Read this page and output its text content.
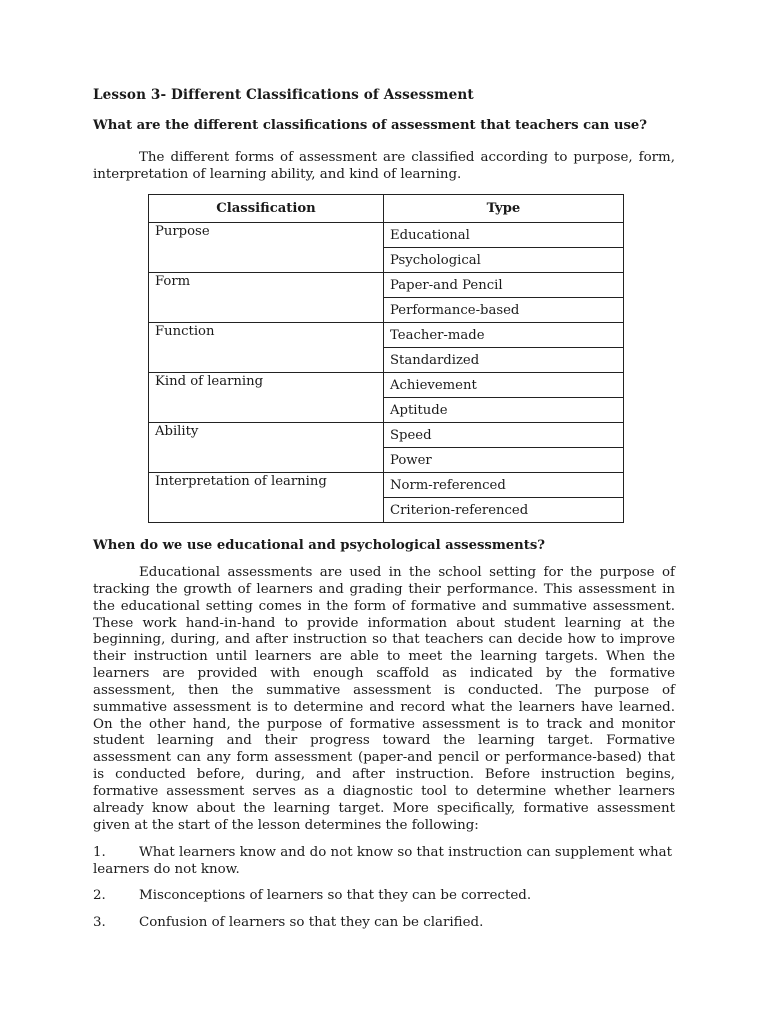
Lesson 3- Different Classifications of Assessment
What are the different classifications of assessment that teachers can use?
The different forms of assessment are classified according to purpose, form, interpretation of learning ability, and kind of learning.
Classification	Type
Purpose	Educational
	Psychological
Form	Paper-and Pencil
	Performance-based
Function	Teacher-made
	Standardized
Kind of learning	Achievement
	Aptitude
Ability	Speed
	Power
Interpretation of learning	Norm-referenced
	Criterion-referenced
When do we use educational and psychological assessments?
Educational assessments are used in the school setting for the purpose of tracking the growth of learners and grading their performance. This assessment in the educational setting comes in the form of formative and summative assessment. These work hand-in-hand to provide information about student learning at the beginning, during, and after instruction so that teachers can decide how to improve their instruction until learners are able to meet the learning targets. When the learners are provided with enough scaffold as indicated by the formative assessment, then the summative assessment is conducted. The purpose of summative assessment is to determine and record what the learners have learned. On the other hand, the purpose of formative assessment is to track and monitor student learning and their progress toward the learning target. Formative assessment can any form assessment (paper-and pencil or performance-based) that is conducted before, during, and after instruction. Before instruction begins, formative assessment serves as a diagnostic tool to determine whether learners already know about the learning target. More specifically, formative assessment given at the start of the lesson determines the following:
1. What learners know and do not know so that instruction can supplement what learners do not know.
2. Misconceptions of learners so that they can be corrected.
3. Confusion of learners so that they can be clarified.
